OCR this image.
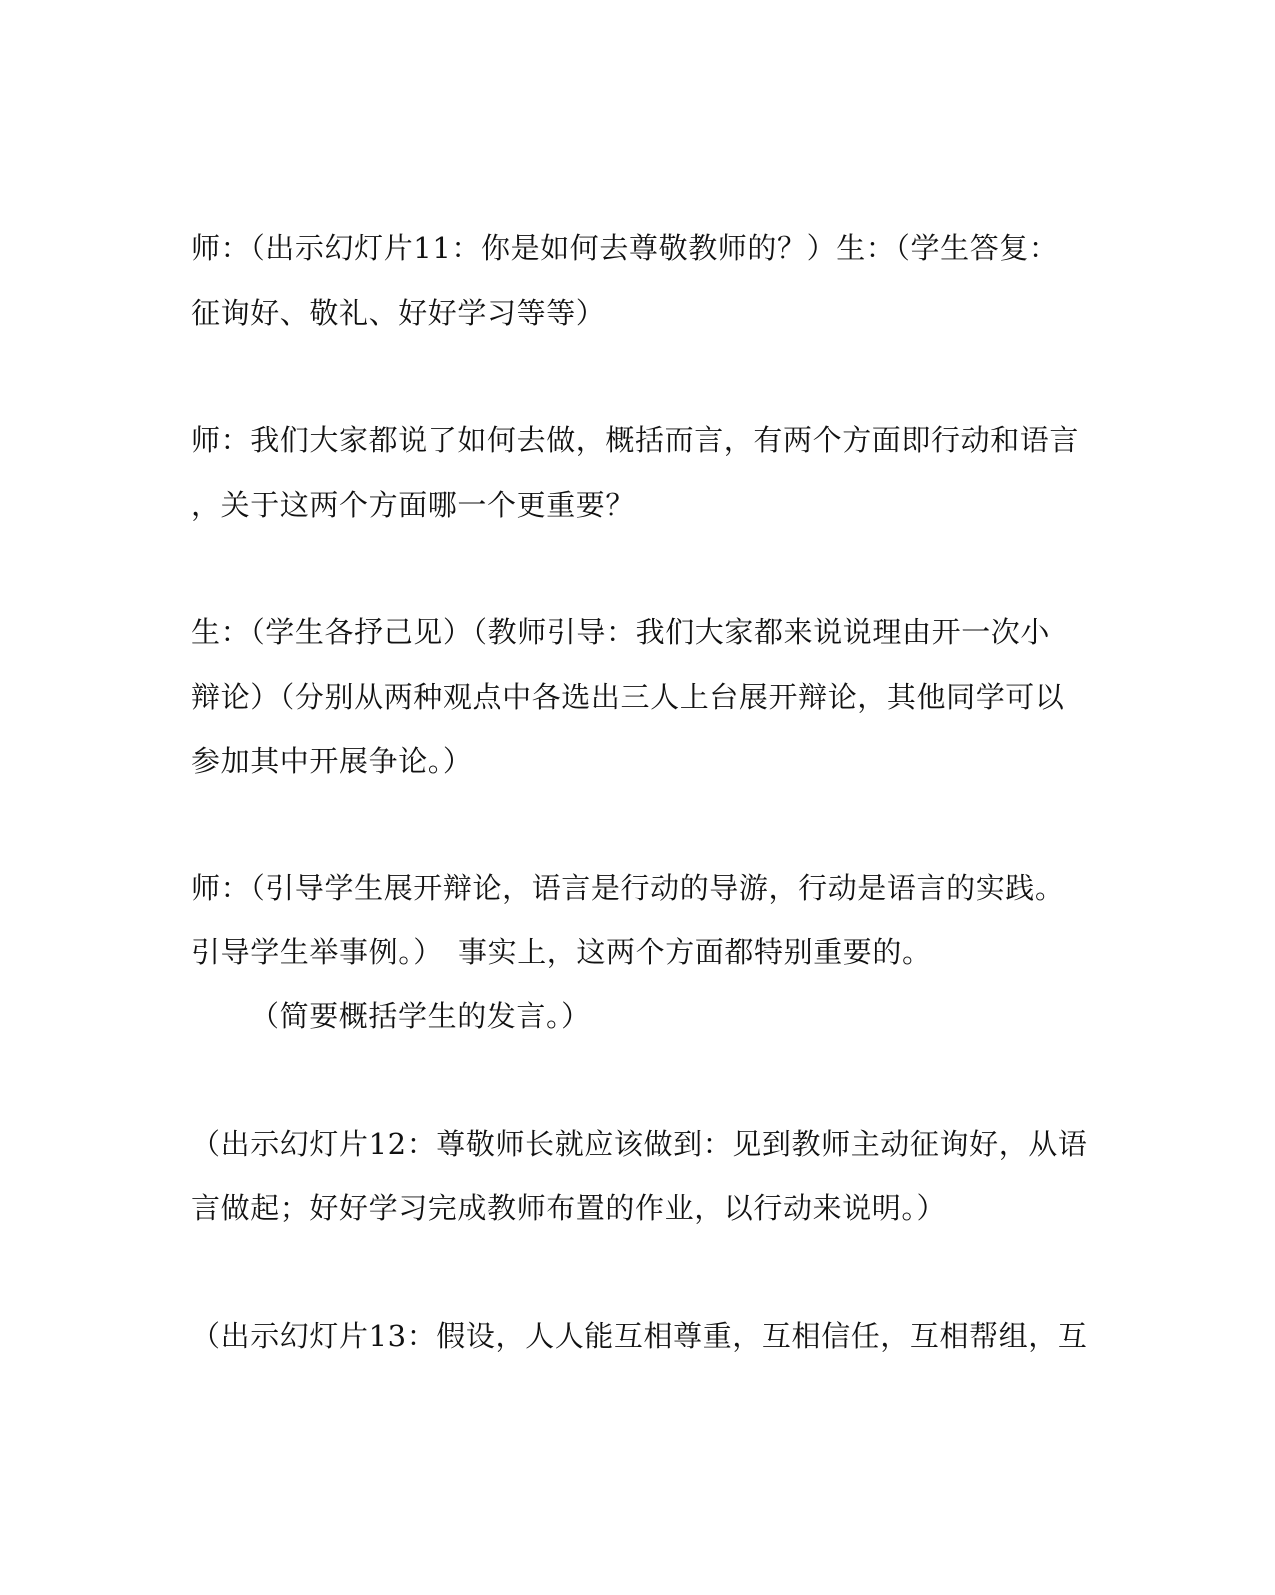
师：（出示幻灯片11：你是如何去尊敬教师的？）生：（学生答复：
征询好、敬礼、好好学习等等）
师：我们大家都说了如何去做，概括而言，有两个方面即行动和语言
，关于这两个方面哪一个更重要？
生：（学生各抒己见）（教师引导：我们大家都来说说理由开一次小
辩论）（分别从两种观点中各选出三人上台展开辩论，其他同学可以
参加其中开展争论。）
师：（引导学生展开辩论，语言是行动的导游，行动是语言的实践。
引导学生举事例。）　事实上，这两个方面都特别重要的。
（简要概括学生的发言。）
（出示幻灯片12：尊敬师长就应该做到：见到教师主动征询好，从语
言做起；好好学习完成教师布置的作业，以行动来说明。）
（出示幻灯片13：假设，人人能互相尊重，互相信任，互相帮组，互
